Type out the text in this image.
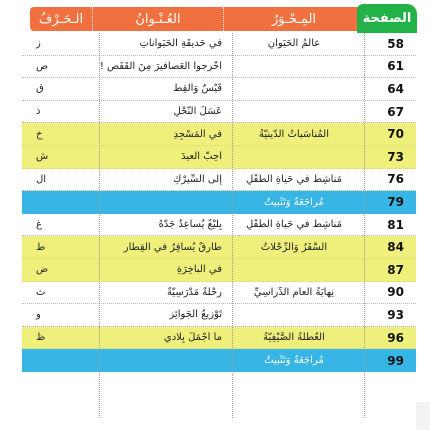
الـحَـرْفُ	العُـنْـوانُ	المِـحْـوَرُ	الصفحة
ز	في حَديقَةِ الحَيَواناتِ	عالَمُ الحَيَوانِ	58
ص	أَخْرِجوا العَصافيرَ مِنَ القَفَصِ !	61
ق	قَيْسٌ وَالقِطُّ	64
ذ	عَسَلُ النَّحْلِ	67
خ	في المَسْجِدِ	المُناسَباتُ الدّينيَّةُ	70
ش	أُحِبُّ العيدَ	73
ال	إِلى السِّيرْكِ	مَناشِطُ في حَياةِ الطِّفْلِ	76
مُراجَعَةٌ وَتَثْبيتٌ	79
غ	بِلَيْغٌ يُساعِدُ جَدَّهُ	مَناشِطُ في حَياةِ الطِّفْلِ	81
ط	طارِقٌ يُسافِرُ في القِطارِ	السَّفَرُ وَالرِّحْلاتُ	84
ض	في الباخِرَةِ	87
ث	رِحْلَةٌ مَدْرَسِيَّةٌ	نِهايَةُ العامِ الدِّراسِيِّ	90
و	تَوْزيعُ الجَوائِزِ	93
ظ	ما أَجْمَلَ بِلادي	العُطْلَةُ الصَّيْفِيَّةُ	96
مُراجَعَةٌ وَتَثْبيتٌ	99
